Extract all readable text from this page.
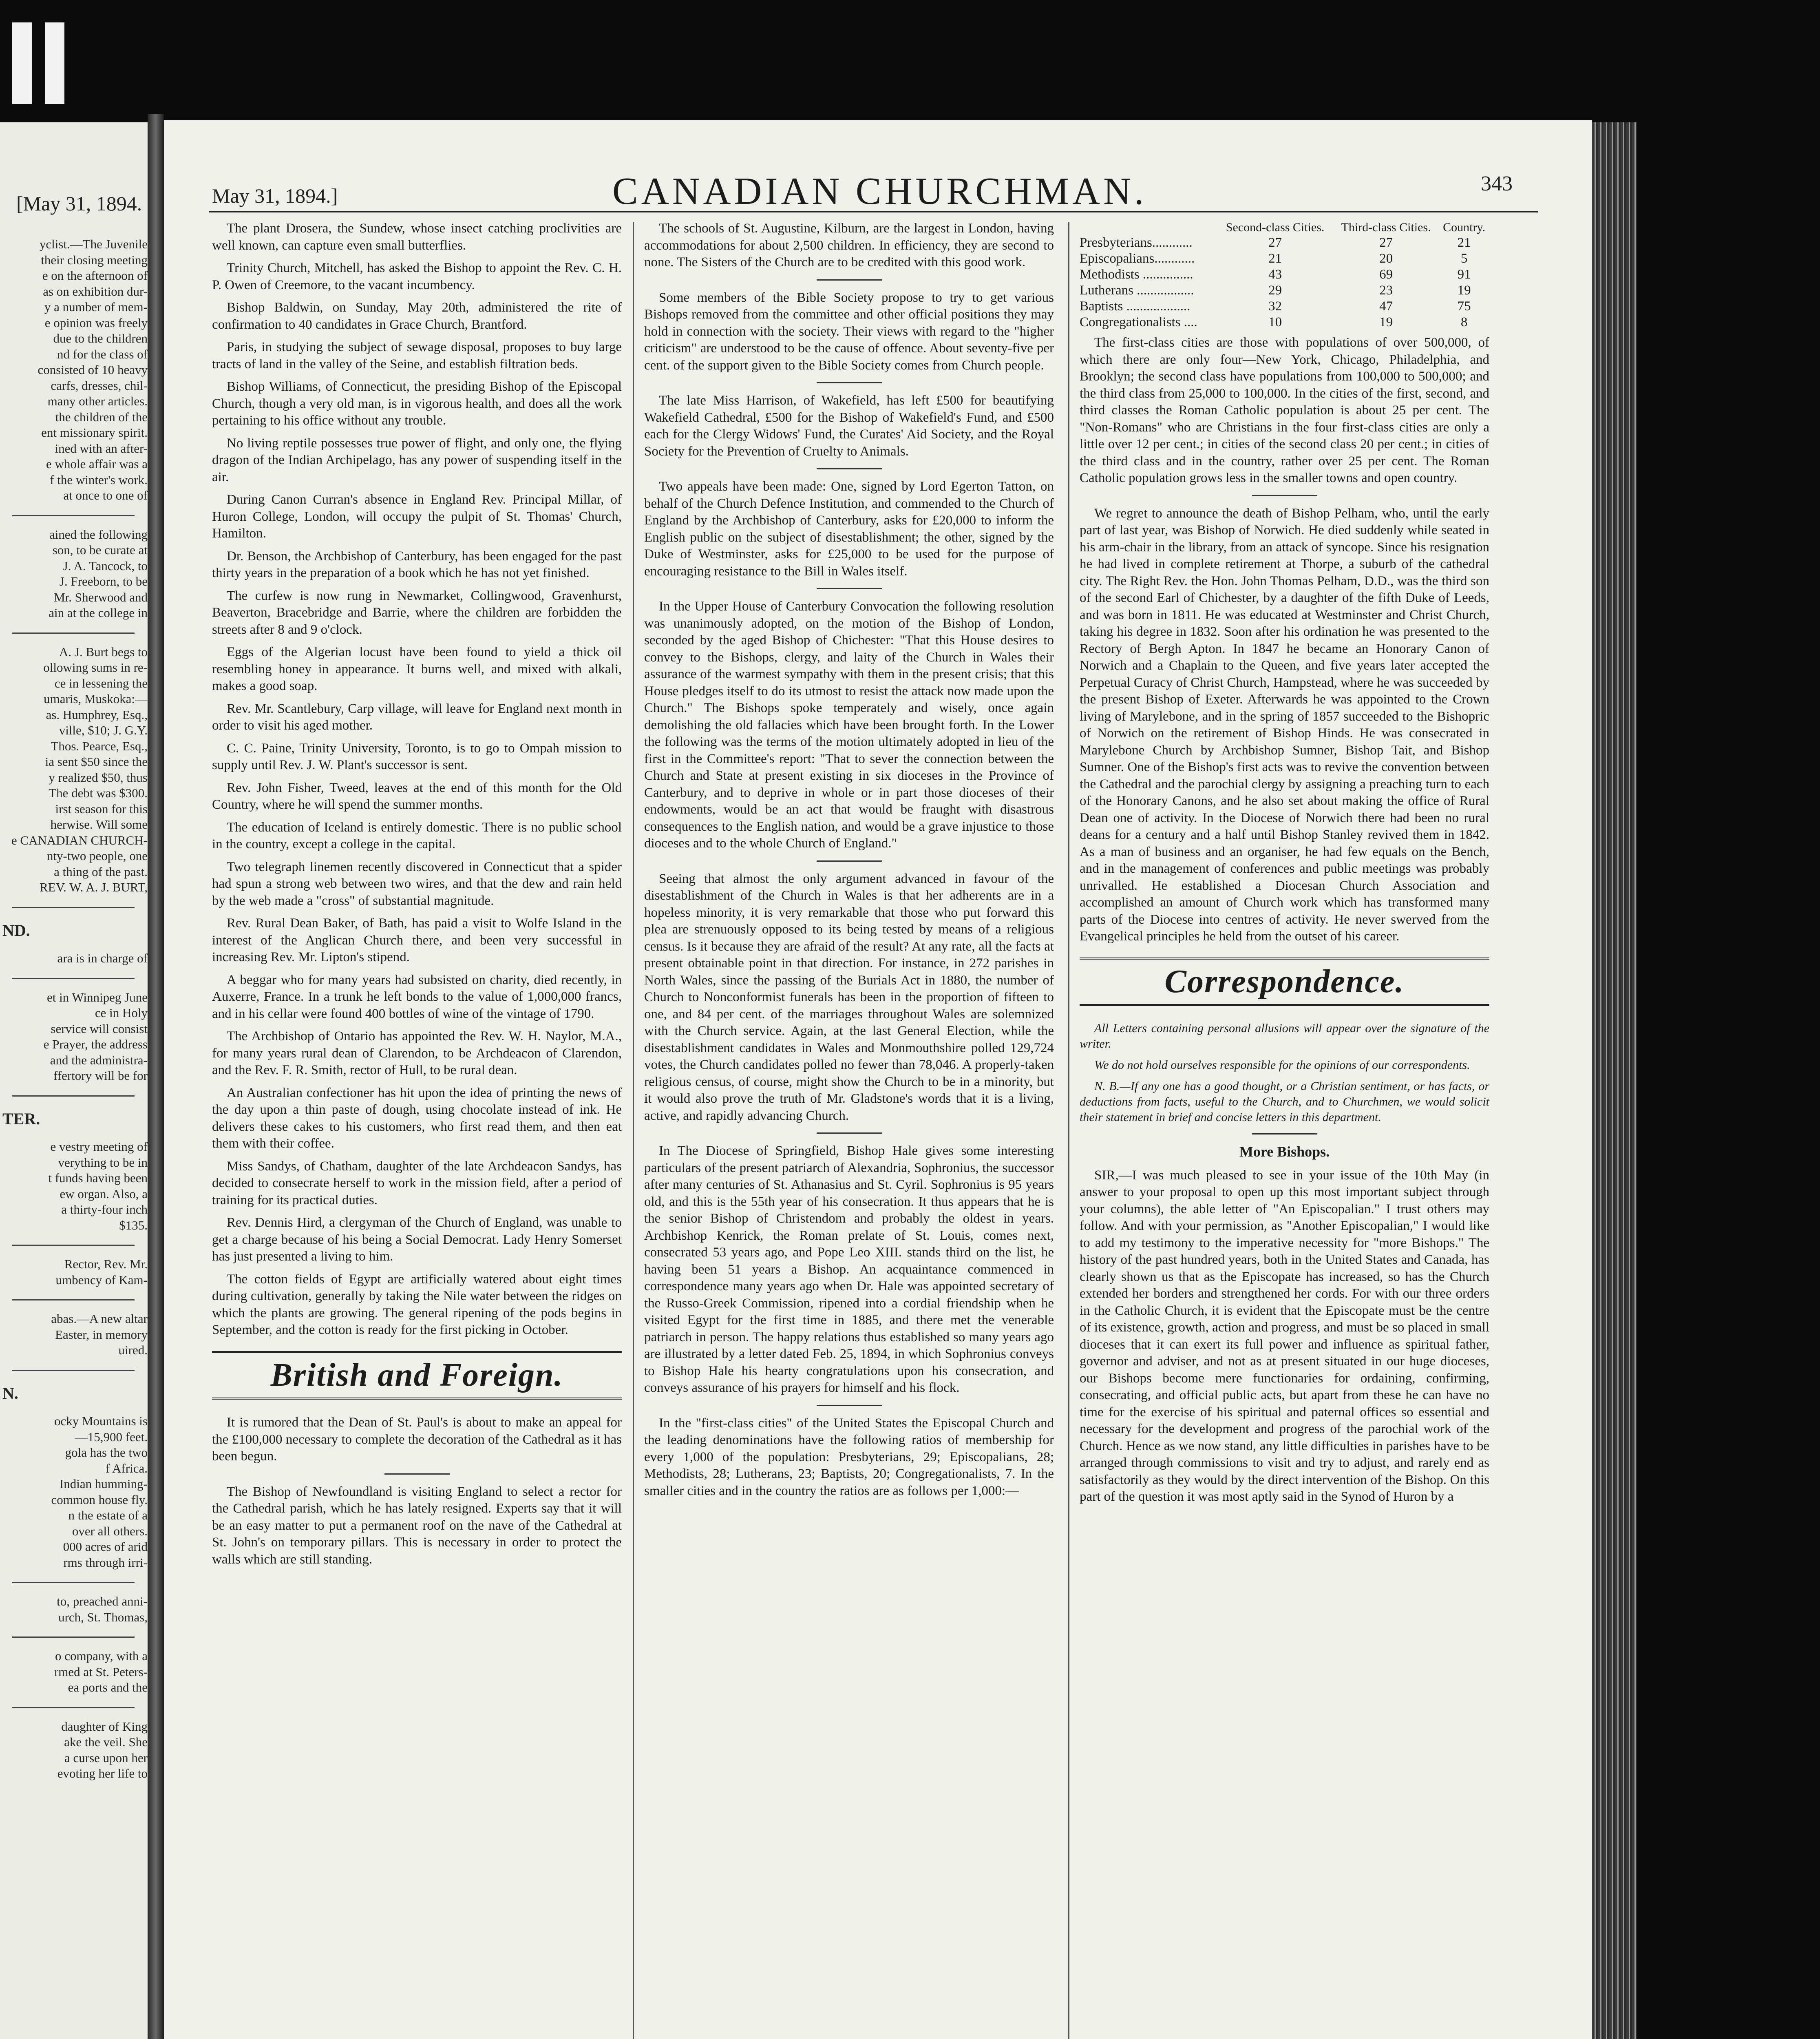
[May 31, 1894.

yclist.—The Juvenile

their closing meeting

e on the afternoon of

as on exhibition dur-

y a number of mem-

e opinion was freely

due to the children

nd for the class of

consisted of 10 heavy

carfs, dresses, chil-

many other articles.

the children of the

ent missionary spirit.

ined with an after-

e whole affair was a

f the winter's work.

at once to one of

ained the following

son, to be curate at

J. A. Tancock, to

J. Freeborn, to be

Mr. Sherwood and

ain at the college in

A. J. Burt begs to

ollowing sums in re-

ce in lessening the

umaris, Muskoka:—

as. Humphrey, Esq.,

ville, $10; J. G.Y.

Thos. Pearce, Esq.,

ia sent $50 since the

y realized $50, thus

The debt was $300.

irst season for this

herwise. Will some

e CANADIAN CHURCH-

nty-two people, one

a thing of the past.

REV. W. A. J. BURT,

ND.

ara is in charge of

et in Winnipeg June

ce in Holy

service will consist

e Prayer, the address

and the administra-

ffertory will be for

TER.

e vestry meeting of

verything to be in

t funds having been

ew organ. Also, a

a thirty-four inch

$135.

Rector, Rev. Mr.

umbency of Kam-

abas.—A new altar

Easter, in memory

uired.

N.

ocky Mountains is

—15,900 feet.

gola has the two

f Africa.

Indian humming-

common house fly.

n the estate of a

over all others.

000 acres of arid

rms through irri-

to, preached anni-

urch, St. Thomas,

o company, with a

rmed at St. Peters-

ea ports and the

daughter of King

ake the veil. She

a curse upon her

evoting her life to

May 31, 1894.]	CANADIAN CHURCHMAN.	343

The plant Drosera, the Sundew, whose insect catching proclivities are well known, can capture even small butterflies.

Trinity Church, Mitchell, has asked the Bishop to appoint the Rev. C. H. P. Owen of Creemore, to the vacant incumbency.

Bishop Baldwin, on Sunday, May 20th, administered the rite of confirmation to 40 candidates in Grace Church, Brantford.

Paris, in studying the subject of sewage disposal, proposes to buy large tracts of land in the valley of the Seine, and establish filtration beds.

Bishop Williams, of Connecticut, the presiding Bishop of the Episcopal Church, though a very old man, is in vigorous health, and does all the work pertaining to his office without any trouble.

No living reptile possesses true power of flight, and only one, the flying dragon of the Indian Archipelago, has any power of suspending itself in the air.

During Canon Curran's absence in England Rev. Principal Millar, of Huron College, London, will occupy the pulpit of St. Thomas' Church, Hamilton.

Dr. Benson, the Archbishop of Canterbury, has been engaged for the past thirty years in the preparation of a book which he has not yet finished.

The curfew is now rung in Newmarket, Collingwood, Gravenhurst, Beaverton, Bracebridge and Barrie, where the children are forbidden the streets after 8 and 9 o'clock.

Eggs of the Algerian locust have been found to yield a thick oil resembling honey in appearance. It burns well, and mixed with alkali, makes a good soap.

Rev. Mr. Scantlebury, Carp village, will leave for England next month in order to visit his aged mother.

C. C. Paine, Trinity University, Toronto, is to go to Ompah mission to supply until Rev. J. W. Plant's successor is sent.

Rev. John Fisher, Tweed, leaves at the end of this month for the Old Country, where he will spend the summer months.

The education of Iceland is entirely domestic. There is no public school in the country, except a college in the capital.

Two telegraph linemen recently discovered in Connecticut that a spider had spun a strong web between two wires, and that the dew and rain held by the web made a "cross" of substantial magnitude.

Rev. Rural Dean Baker, of Bath, has paid a visit to Wolfe Island in the interest of the Anglican Church there, and been very successful in increasing Rev. Mr. Lipton's stipend.

A beggar who for many years had subsisted on charity, died recently, in Auxerre, France. In a trunk he left bonds to the value of 1,000,000 francs, and in his cellar were found 400 bottles of wine of the vintage of 1790.

The Archbishop of Ontario has appointed the Rev. W. H. Naylor, M.A., for many years rural dean of Clarendon, to be Archdeacon of Clarendon, and the Rev. F. R. Smith, rector of Hull, to be rural dean.

An Australian confectioner has hit upon the idea of printing the news of the day upon a thin paste of dough, using chocolate instead of ink. He delivers these cakes to his customers, who first read them, and then eat them with their coffee.

Miss Sandys, of Chatham, daughter of the late Archdeacon Sandys, has decided to consecrate herself to work in the mission field, after a period of training for its practical duties.

Rev. Dennis Hird, a clergyman of the Church of England, was unable to get a charge because of his being a Social Democrat. Lady Henry Somerset has just presented a living to him.

The cotton fields of Egypt are artificially watered about eight times during cultivation, generally by taking the Nile water between the ridges on which the plants are growing. The general ripening of the pods begins in September, and the cotton is ready for the first picking in October.

British and Foreign.

It is rumored that the Dean of St. Paul's is about to make an appeal for the £100,000 necessary to complete the decoration of the Cathedral as it has been begun.

The Bishop of Newfoundland is visiting England to select a rector for the Cathedral parish, which he has lately resigned. Experts say that it will be an easy matter to put a permanent roof on the nave of the Cathedral at St. John's on temporary pillars. This is necessary in order to protect the walls which are still standing.

The schools of St. Augustine, Kilburn, are the largest in London, having accommodations for about 2,500 children. In efficiency, they are second to none. The Sisters of the Church are to be credited with this good work.

Some members of the Bible Society propose to try to get various Bishops removed from the committee and other official positions they may hold in connection with the society. Their views with regard to the "higher criticism" are understood to be the cause of offence. About seventy-five per cent. of the support given to the Bible Society comes from Church people.

The late Miss Harrison, of Wakefield, has left £500 for beautifying Wakefield Cathedral, £500 for the Bishop of Wakefield's Fund, and £500 each for the Clergy Widows' Fund, the Curates' Aid Society, and the Royal Society for the Prevention of Cruelty to Animals.

Two appeals have been made: One, signed by Lord Egerton Tatton, on behalf of the Church Defence Institution, and commended to the Church of England by the Archbishop of Canterbury, asks for £20,000 to inform the English public on the subject of disestablishment; the other, signed by the Duke of Westminster, asks for £25,000 to be used for the purpose of encouraging resistance to the Bill in Wales itself.

In the Upper House of Canterbury Convocation the following resolution was unanimously adopted, on the motion of the Bishop of London, seconded by the aged Bishop of Chichester: "That this House desires to convey to the Bishops, clergy, and laity of the Church in Wales their assurance of the warmest sympathy with them in the present crisis; that this House pledges itself to do its utmost to resist the attack now made upon the Church." The Bishops spoke temperately and wisely, once again demolishing the old fallacies which have been brought forth. In the Lower the following was the terms of the motion ultimately adopted in lieu of the first in the Committee's report: "That to sever the connection between the Church and State at present existing in six dioceses in the Province of Canterbury, and to deprive in whole or in part those dioceses of their endowments, would be an act that would be fraught with disastrous consequences to the English nation, and would be a grave injustice to those dioceses and to the whole Church of England."

Seeing that almost the only argument advanced in favour of the disestablishment of the Church in Wales is that her adherents are in a hopeless minority, it is very remarkable that those who put forward this plea are strenuously opposed to its being tested by means of a religious census. Is it because they are afraid of the result? At any rate, all the facts at present obtainable point in that direction. For instance, in 272 parishes in North Wales, since the passing of the Burials Act in 1880, the number of Church to Nonconformist funerals has been in the proportion of fifteen to one, and 84 per cent. of the marriages throughout Wales are solemnized with the Church service. Again, at the last General Election, while the disestablishment candidates in Wales and Monmouthshire polled 129,724 votes, the Church candidates polled no fewer than 78,046. A properly-taken religious census, of course, might show the Church to be in a minority, but it would also prove the truth of Mr. Gladstone's words that it is a living, active, and rapidly advancing Church.

In The Diocese of Springfield, Bishop Hale gives some interesting particulars of the present patriarch of Alexandria, Sophronius, the successor after many centuries of St. Athanasius and St. Cyril. Sophronius is 95 years old, and this is the 55th year of his consecration. It thus appears that he is the senior Bishop of Christendom and probably the oldest in years. Archbishop Kenrick, the Roman prelate of St. Louis, comes next, consecrated 53 years ago, and Pope Leo XIII. stands third on the list, he having been 51 years a Bishop. An acquaintance commenced in correspondence many years ago when Dr. Hale was appointed secretary of the Russo-Greek Commission, ripened into a cordial friendship when he visited Egypt for the first time in 1885, and there met the venerable patriarch in person. The happy relations thus established so many years ago are illustrated by a letter dated Feb. 25, 1894, in which Sophronius conveys to Bishop Hale his hearty congratulations upon his consecration, and conveys assurance of his prayers for himself and his flock.

In the "first-class cities" of the United States the Episcopal Church and the leading denominations have the following ratios of membership for every 1,000 of the population: Presbyterians, 29; Episcopalians, 28; Methodists, 28; Lutherans, 23; Baptists, 20; Congregationalists, 7. In the smaller cities and in the country the ratios are as follows per 1,000:—

	Second-class Cities.	Third-class Cities.	Country.
Presbyterians............	27	27	21
Episcopalians............	21	20	5
Methodists ...............	43	69	91
Lutherans .................	29	23	19
Baptists ...................	32	47	75
Congregationalists ....	10	19	8

The first-class cities are those with populations of over 500,000, of which there are only four—New York, Chicago, Philadelphia, and Brooklyn; the second class have populations from 100,000 to 500,000; and the third class from 25,000 to 100,000. In the cities of the first, second, and third classes the Roman Catholic population is about 25 per cent. The "Non-Romans" who are Christians in the four first-class cities are only a little over 12 per cent.; in cities of the second class 20 per cent.; in cities of the third class and in the country, rather over 25 per cent. The Roman Catholic population grows less in the smaller towns and open country.

We regret to announce the death of Bishop Pelham, who, until the early part of last year, was Bishop of Norwich. He died suddenly while seated in his arm-chair in the library, from an attack of syncope. Since his resignation he had lived in complete retirement at Thorpe, a suburb of the cathedral city. The Right Rev. the Hon. John Thomas Pelham, D.D., was the third son of the second Earl of Chichester, by a daughter of the fifth Duke of Leeds, and was born in 1811. He was educated at Westminster and Christ Church, taking his degree in 1832. Soon after his ordination he was presented to the Rectory of Bergh Apton. In 1847 he became an Honorary Canon of Norwich and a Chaplain to the Queen, and five years later accepted the Perpetual Curacy of Christ Church, Hampstead, where he was succeeded by the present Bishop of Exeter. Afterwards he was appointed to the Crown living of Marylebone, and in the spring of 1857 succeeded to the Bishopric of Norwich on the retirement of Bishop Hinds. He was consecrated in Marylebone Church by Archbishop Sumner, Bishop Tait, and Bishop Sumner. One of the Bishop's first acts was to revive the convention between the Cathedral and the parochial clergy by assigning a preaching turn to each of the Honorary Canons, and he also set about making the office of Rural Dean one of activity. In the Diocese of Norwich there had been no rural deans for a century and a half until Bishop Stanley revived them in 1842. As a man of business and an organiser, he had few equals on the Bench, and in the management of conferences and public meetings was probably unrivalled. He established a Diocesan Church Association and accomplished an amount of Church work which has transformed many parts of the Diocese into centres of activity. He never swerved from the Evangelical principles he held from the outset of his career.

Correspondence.

All Letters containing personal allusions will appear over the signature of the writer.

We do not hold ourselves responsible for the opinions of our correspondents.

N. B.—If any one has a good thought, or a Christian sentiment, or has facts, or deductions from facts, useful to the Church, and to Churchmen, we would solicit their statement in brief and concise letters in this department.

More Bishops.

SIR,—I was much pleased to see in your issue of the 10th May (in answer to your proposal to open up this most important subject through your columns), the able letter of "An Episcopalian." I trust others may follow. And with your permission, as "Another Episcopalian," I would like to add my testimony to the imperative necessity for "more Bishops." The history of the past hundred years, both in the United States and Canada, has clearly shown us that as the Episcopate has increased, so has the Church extended her borders and strengthened her cords. For with our three orders in the Catholic Church, it is evident that the Episcopate must be the centre of its existence, growth, action and progress, and must be so placed in small dioceses that it can exert its full power and influence as spiritual father, governor and adviser, and not as at present situated in our huge dioceses, our Bishops become mere functionaries for ordaining, confirming, consecrating, and official public acts, but apart from these he can have no time for the exercise of his spiritual and paternal offices so essential and necessary for the development and progress of the parochial work of the Church. Hence as we now stand, any little difficulties in parishes have to be arranged through commissions to visit and try to adjust, and rarely end as satisfactorily as they would by the direct intervention of the Bishop. On this part of the question it was most aptly said in the Synod of Huron by a
